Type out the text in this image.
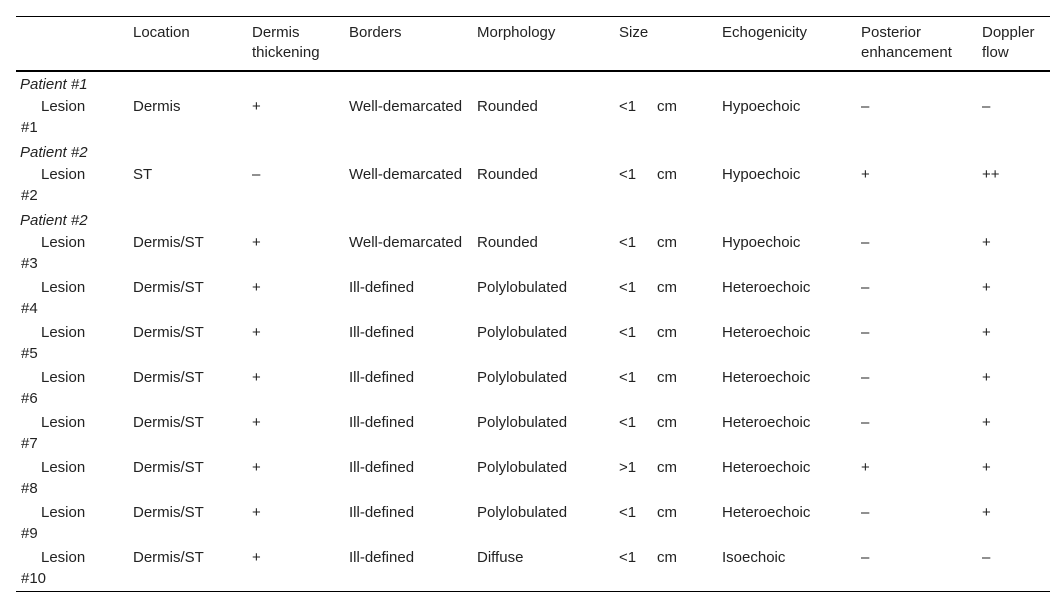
	Location	Dermis thickening	Borders	Morphology	Size	Echogenicity	Posterior enhancement	Doppler flow
Patient #1								

Lesion
#1	Dermis	+	Well-demarcated	Rounded	<1 cm	Hypoechoic	–	–
Patient #2								

Lesion
#2	ST	–	Well-demarcated	Rounded	<1 cm	Hypoechoic	+	++
Patient #2								

Lesion
#3	Dermis/ST	+	Well-demarcated	Rounded	<1 cm	Hypoechoic	–	+

Lesion
#4	Dermis/ST	+	Ill-defined	Polylobulated	<1 cm	Heteroechoic	–	+

Lesion
#5	Dermis/ST	+	Ill-defined	Polylobulated	<1 cm	Heteroechoic	–	+

Lesion
#6	Dermis/ST	+	Ill-defined	Polylobulated	<1 cm	Heteroechoic	–	+

Lesion
#7	Dermis/ST	+	Ill-defined	Polylobulated	<1 cm	Heteroechoic	–	+

Lesion
#8	Dermis/ST	+	Ill-defined	Polylobulated	>1 cm	Heteroechoic	+	+

Lesion
#9	Dermis/ST	+	Ill-defined	Polylobulated	<1 cm	Heteroechoic	–	+

Lesion
#10	Dermis/ST	+	Ill-defined	Diffuse	<1 cm	Isoechoic	–	–
